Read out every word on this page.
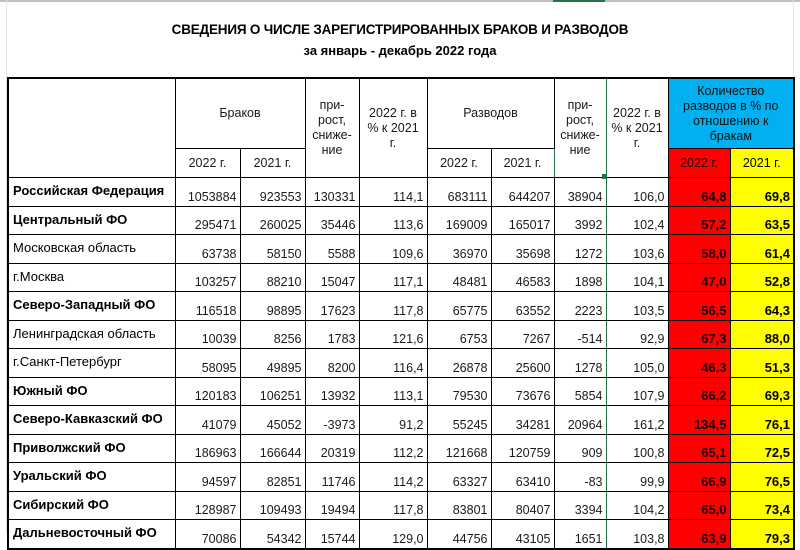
СВЕДЕНИЯ О ЧИСЛЕ ЗАРЕГИСТРИРОВАННЫХ БРАКОВ И РАЗВОДОВ
за январь - декабрь 2022 года
	Браков		при-рост, сниже-ние	2022 г. в % к 2021 г.	Разводов		при-рост, сниже-ние	2022 г. в % к 2021 г.	Количество разводов в % по отношению к бракам	
	2022 г.	2021 г.			2022 г.	2021 г.			2022 г.	2021 г.
Российская Федерация	1053884	923553	130331	114,1	683111	644207	38904	106,0	64,8	69,8
Центральный ФО	295471	260025	35446	113,6	169009	165017	3992	102,4	57,2	63,5
Московская область	63738	58150	5588	109,6	36970	35698	1272	103,6	58,0	61,4
г.Москва	103257	88210	15047	117,1	48481	46583	1898	104,1	47,0	52,8
Северо-Западный ФО	116518	98895	17623	117,8	65775	63552	2223	103,5	56,5	64,3
Ленинградская область	10039	8256	1783	121,6	6753	7267	-514	92,9	67,3	88,0
г.Санкт-Петербург	58095	49895	8200	116,4	26878	25600	1278	105,0	46,3	51,3
Южный ФО	120183	106251	13932	113,1	79530	73676	5854	107,9	66,2	69,3
Северо-Кавказский ФО	41079	45052	-3973	91,2	55245	34281	20964	161,2	134,5	76,1
Приволжский ФО	186963	166644	20319	112,2	121668	120759	909	100,8	65,1	72,5
Уральский ФО	94597	82851	11746	114,2	63327	63410	-83	99,9	66,9	76,5
Сибирский ФО	128987	109493	19494	117,8	83801	80407	3394	104,2	65,0	73,4
Дальневосточный ФО	70086	54342	15744	129,0	44756	43105	1651	103,8	63,9	79,3
